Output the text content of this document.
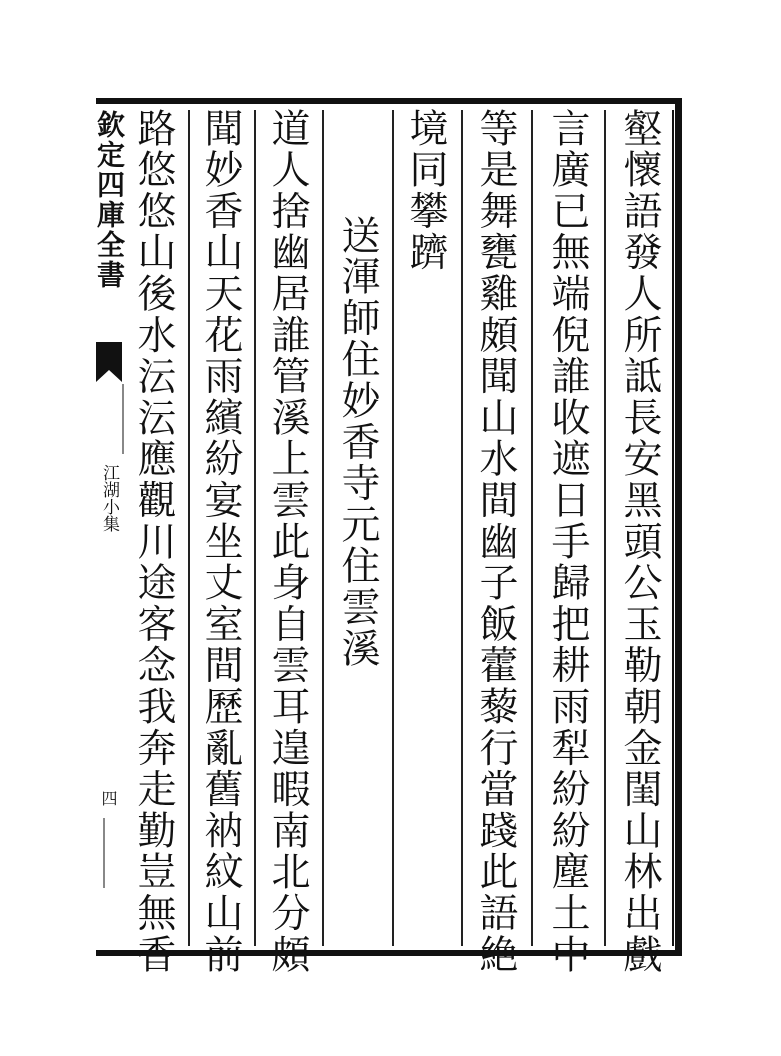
欽定四庫全書
江湖小集
四	壑懷語發人所詆長安黑頭公玉勒朝金閨山林出戲
言廣已無端倪誰收遮日手歸把耕雨犁紛紛塵土中
等是舞甕雞頗聞山水間幽子飯藿藜行當踐此語絶
境同攀躋
送渾師住妙香寺元住雲溪
道人捨幽居誰管溪上雲此身自雲耳遑暇南北分頗
聞妙香山天花雨繽紛宴坐丈室間歷亂舊衲紋山前
路悠悠山後水沄沄應觀川途客念我奔走勤豈無香
